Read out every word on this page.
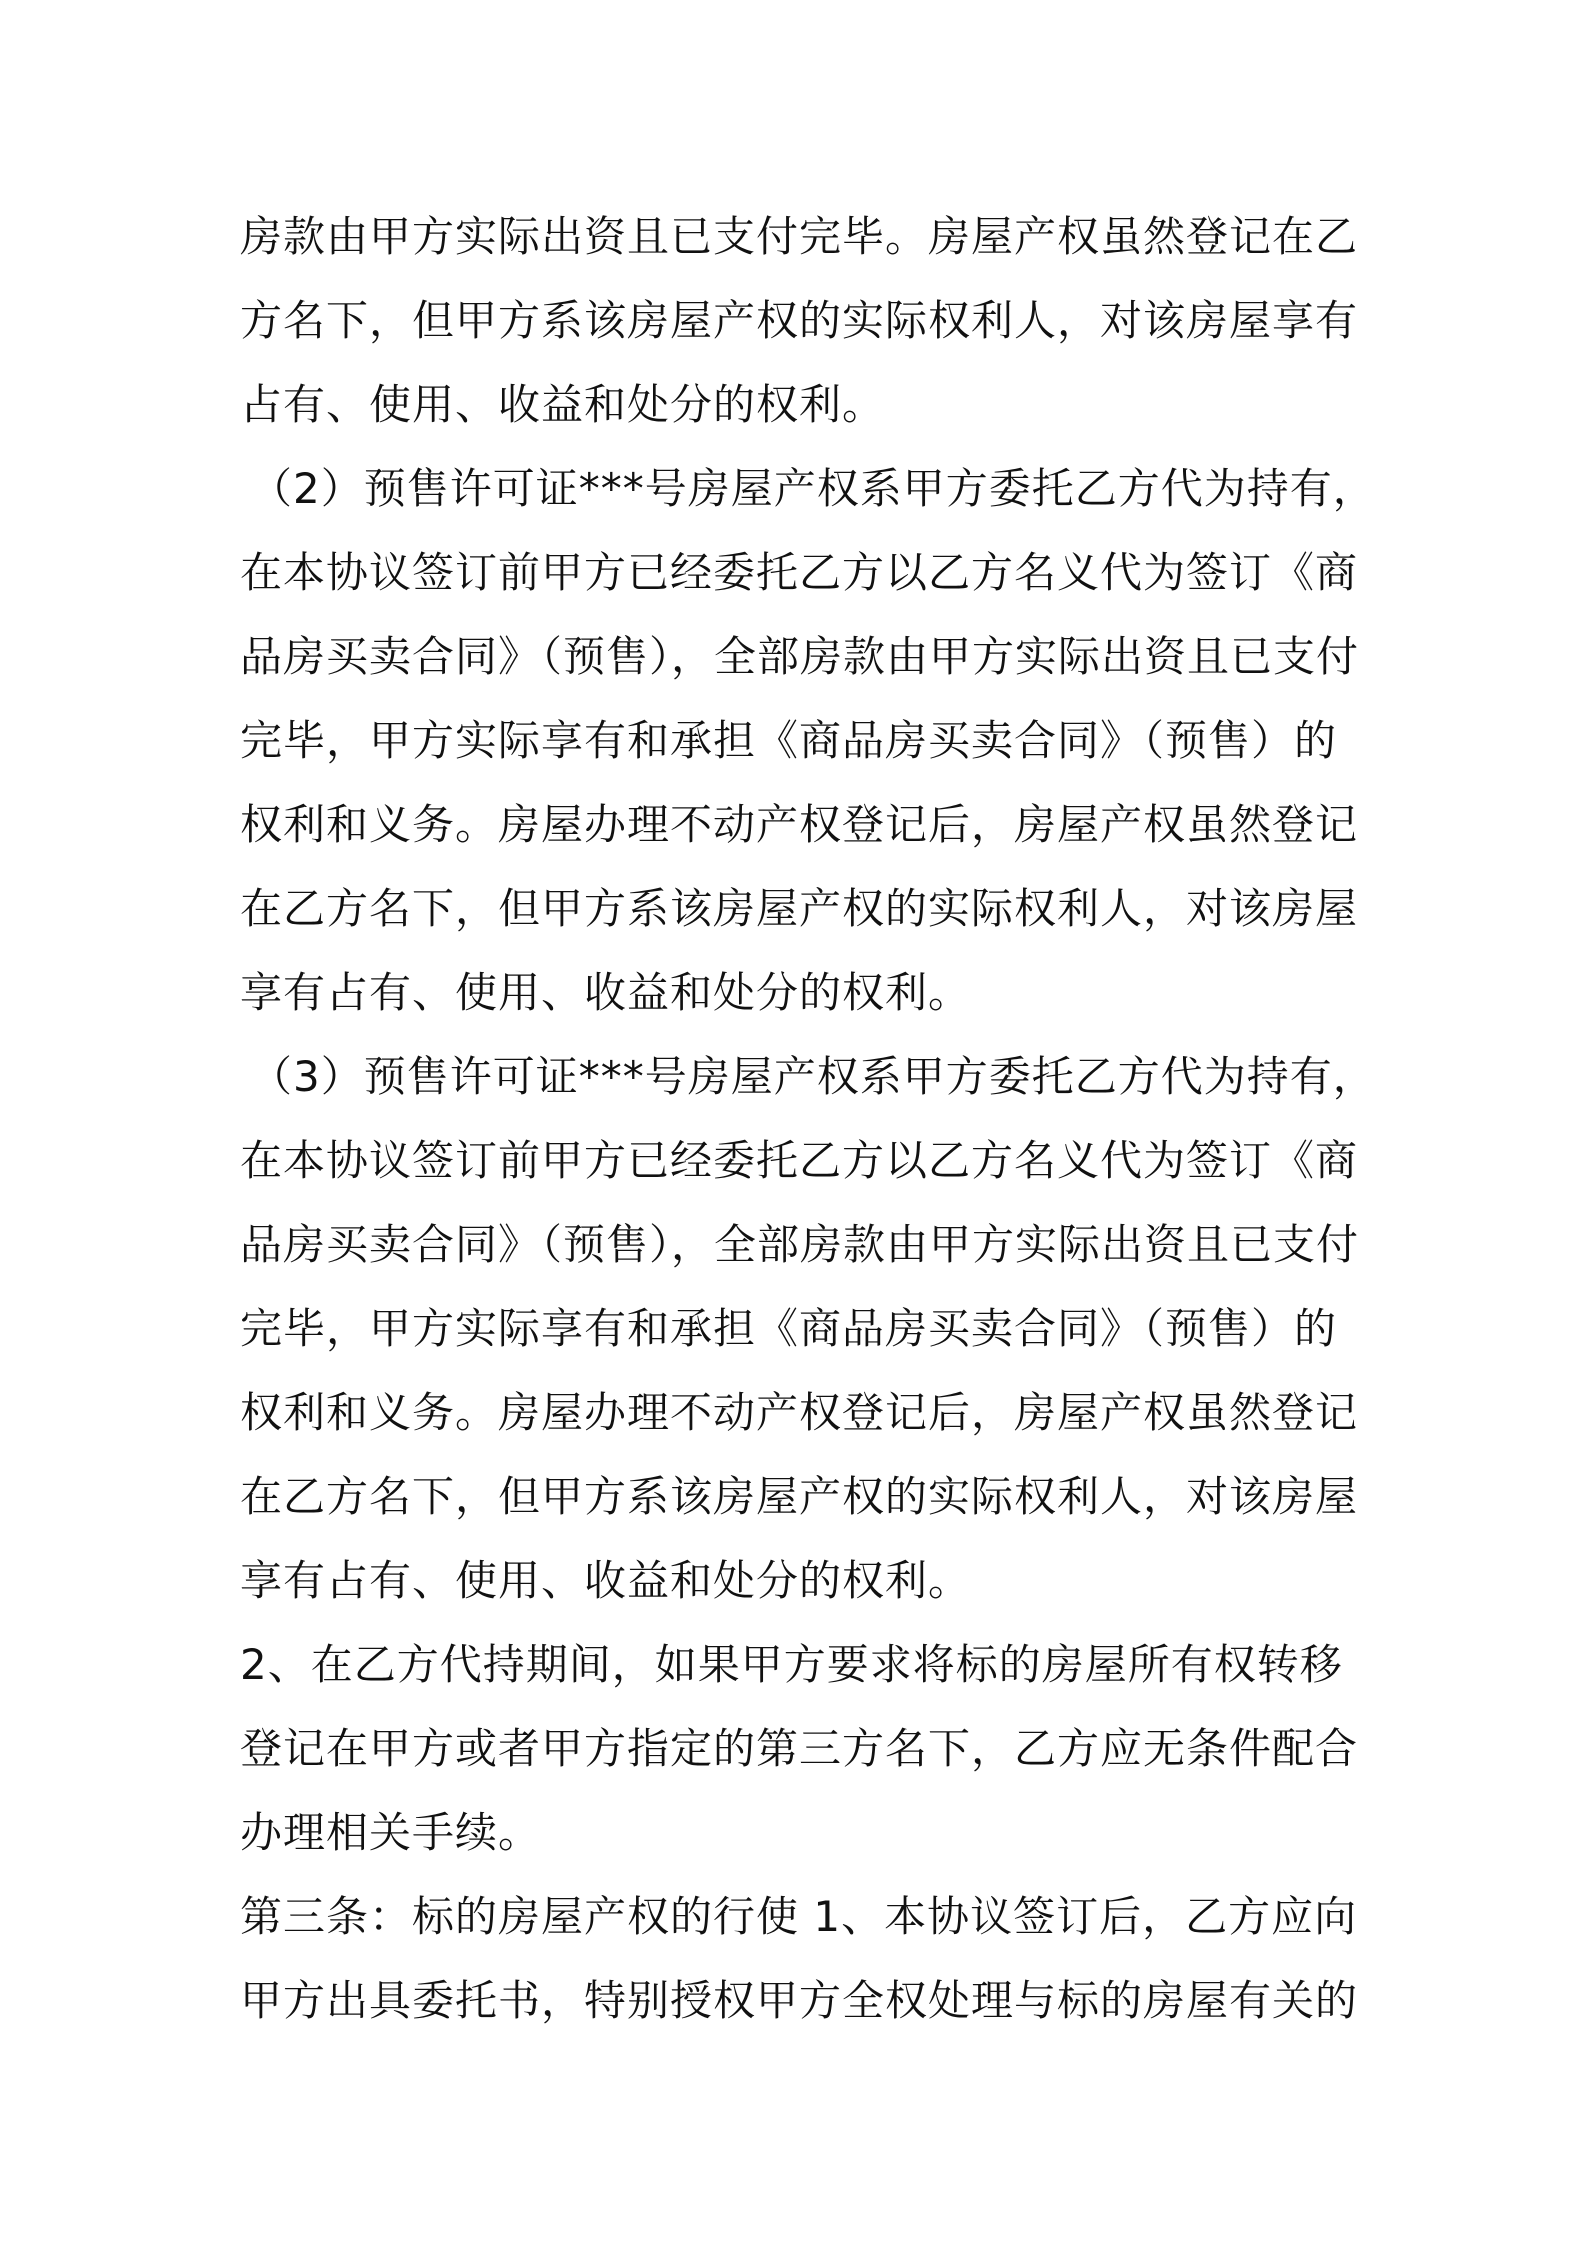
房款由甲方实际出资且已支付完毕。房屋产权虽然登记在乙
方名下，但甲方系该房屋产权的实际权利人，对该房屋享有
占有、使用、收益和处分的权利。
（2）预售许可证***号房屋产权系甲方委托乙方代为持有，
在本协议签订前甲方已经委托乙方以乙方名义代为签订《商
品房买卖合同》（预售），全部房款由甲方实际出资且已支付
完毕，甲方实际享有和承担《商品房买卖合同》（预售）的
权利和义务。房屋办理不动产权登记后，房屋产权虽然登记
在乙方名下，但甲方系该房屋产权的实际权利人，对该房屋
享有占有、使用、收益和处分的权利。
（3）预售许可证***号房屋产权系甲方委托乙方代为持有，
在本协议签订前甲方已经委托乙方以乙方名义代为签订《商
品房买卖合同》（预售），全部房款由甲方实际出资且已支付
完毕，甲方实际享有和承担《商品房买卖合同》（预售）的
权利和义务。房屋办理不动产权登记后，房屋产权虽然登记
在乙方名下，但甲方系该房屋产权的实际权利人，对该房屋
享有占有、使用、收益和处分的权利。
2、在乙方代持期间，如果甲方要求将标的房屋所有权转移
登记在甲方或者甲方指定的第三方名下，乙方应无条件配合
办理相关手续。
第三条：标的房屋产权的行使 1、本协议签订后，乙方应向
甲方出具委托书，特别授权甲方全权处理与标的房屋有关的
